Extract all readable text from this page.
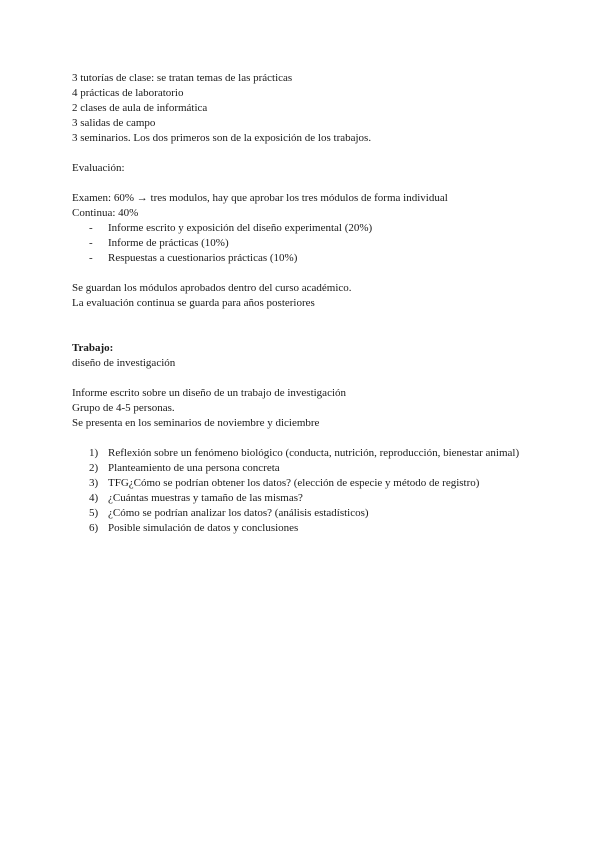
3 tutorías de clase: se tratan temas de las prácticas
4 prácticas de laboratorio
2 clases de aula de informática
3 salidas de campo
3 seminarios. Los dos primeros son de la exposición de los trabajos.
Evaluación:
Examen: 60% → tres modulos, hay que aprobar los tres módulos de forma individual
Continua: 40%
-	Informe escrito y exposición del diseño experimental (20%)
-	Informe de prácticas (10%)
-	Respuestas a cuestionarios prácticas (10%)
Se guardan los módulos aprobados dentro del curso académico.
La evaluación continua se guarda para años posteriores
Trabajo:
diseño de investigación
Informe escrito sobre un diseño de un trabajo de investigación
Grupo de 4-5 personas.
Se presenta en los seminarios de noviembre y diciembre
1) Reflexión sobre un fenómeno biológico (conducta, nutrición, reproducción, bienestar animal)
2) Planteamiento de una persona concreta
3) TFG¿Cómo se podrían obtener los datos? (elección de especie y método de registro)
4) ¿Cuántas muestras y tamaño de las mismas?
5) ¿Cómo se podrían analizar los datos? (análisis estadísticos)
6) Posible simulación de datos y conclusiones
